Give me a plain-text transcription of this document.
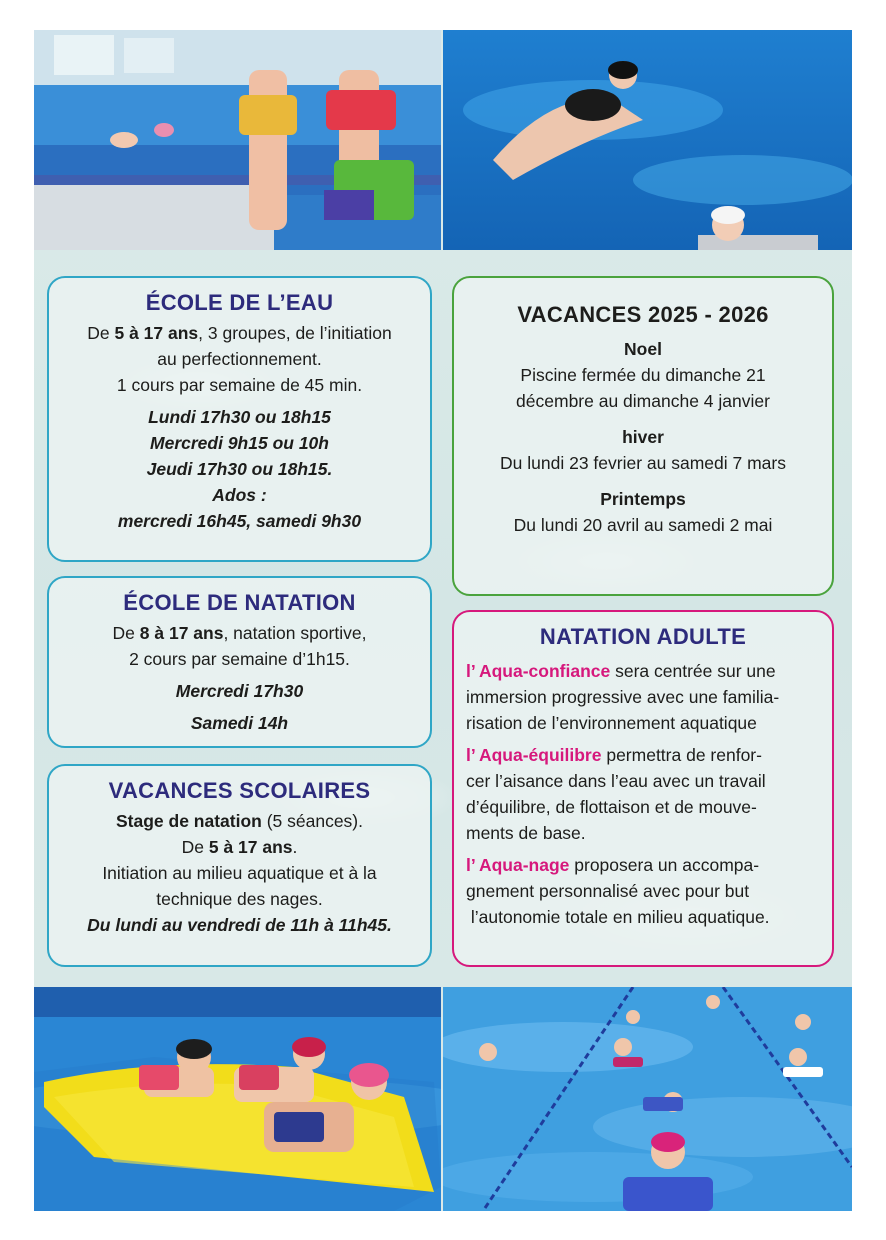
ÉCOLE DE L’EAU

De 5 à 17 ans, 3 groupes, de l’initiation

au perfectionnement.

1 cours par semaine de 45 min.

Lundi 17h30 ou 18h15

Mercredi 9h15 ou 10h

Jeudi 17h30 ou 18h15.

Ados :

mercredi 16h45, samedi 9h30

ÉCOLE DE NATATION

De 8 à 17 ans, natation sportive,

2 cours par semaine d’1h15.

Mercredi 17h30

Samedi 14h

VACANCES SCOLAIRES

Stage de natation (5 séances).

De 5 à 17 ans.

Initiation au milieu aquatique et à la

technique des nages.

Du lundi au vendredi de 11h à 11h45.

VACANCES 2025 - 2026

Noel

Piscine fermée du dimanche 21

décembre au dimanche 4 janvier

hiver

Du lundi 23 fevrier au samedi 7 mars

Printemps

Du lundi 20 avril au samedi 2 mai

NATATION ADULTE

l’ Aqua-confiance sera centrée sur une

immersion progressive avec une familia-

risation de l’environnement aquatique

l’ Aqua-équilibre permettra de renfor-

cer l’aisance dans l’eau avec un travail

d’équilibre, de flottaison et de mouve-

ments de base.

l’ Aqua-nage proposera un accompa-

gnement personnalisé avec pour but

l’autonomie totale en milieu aquatique.
